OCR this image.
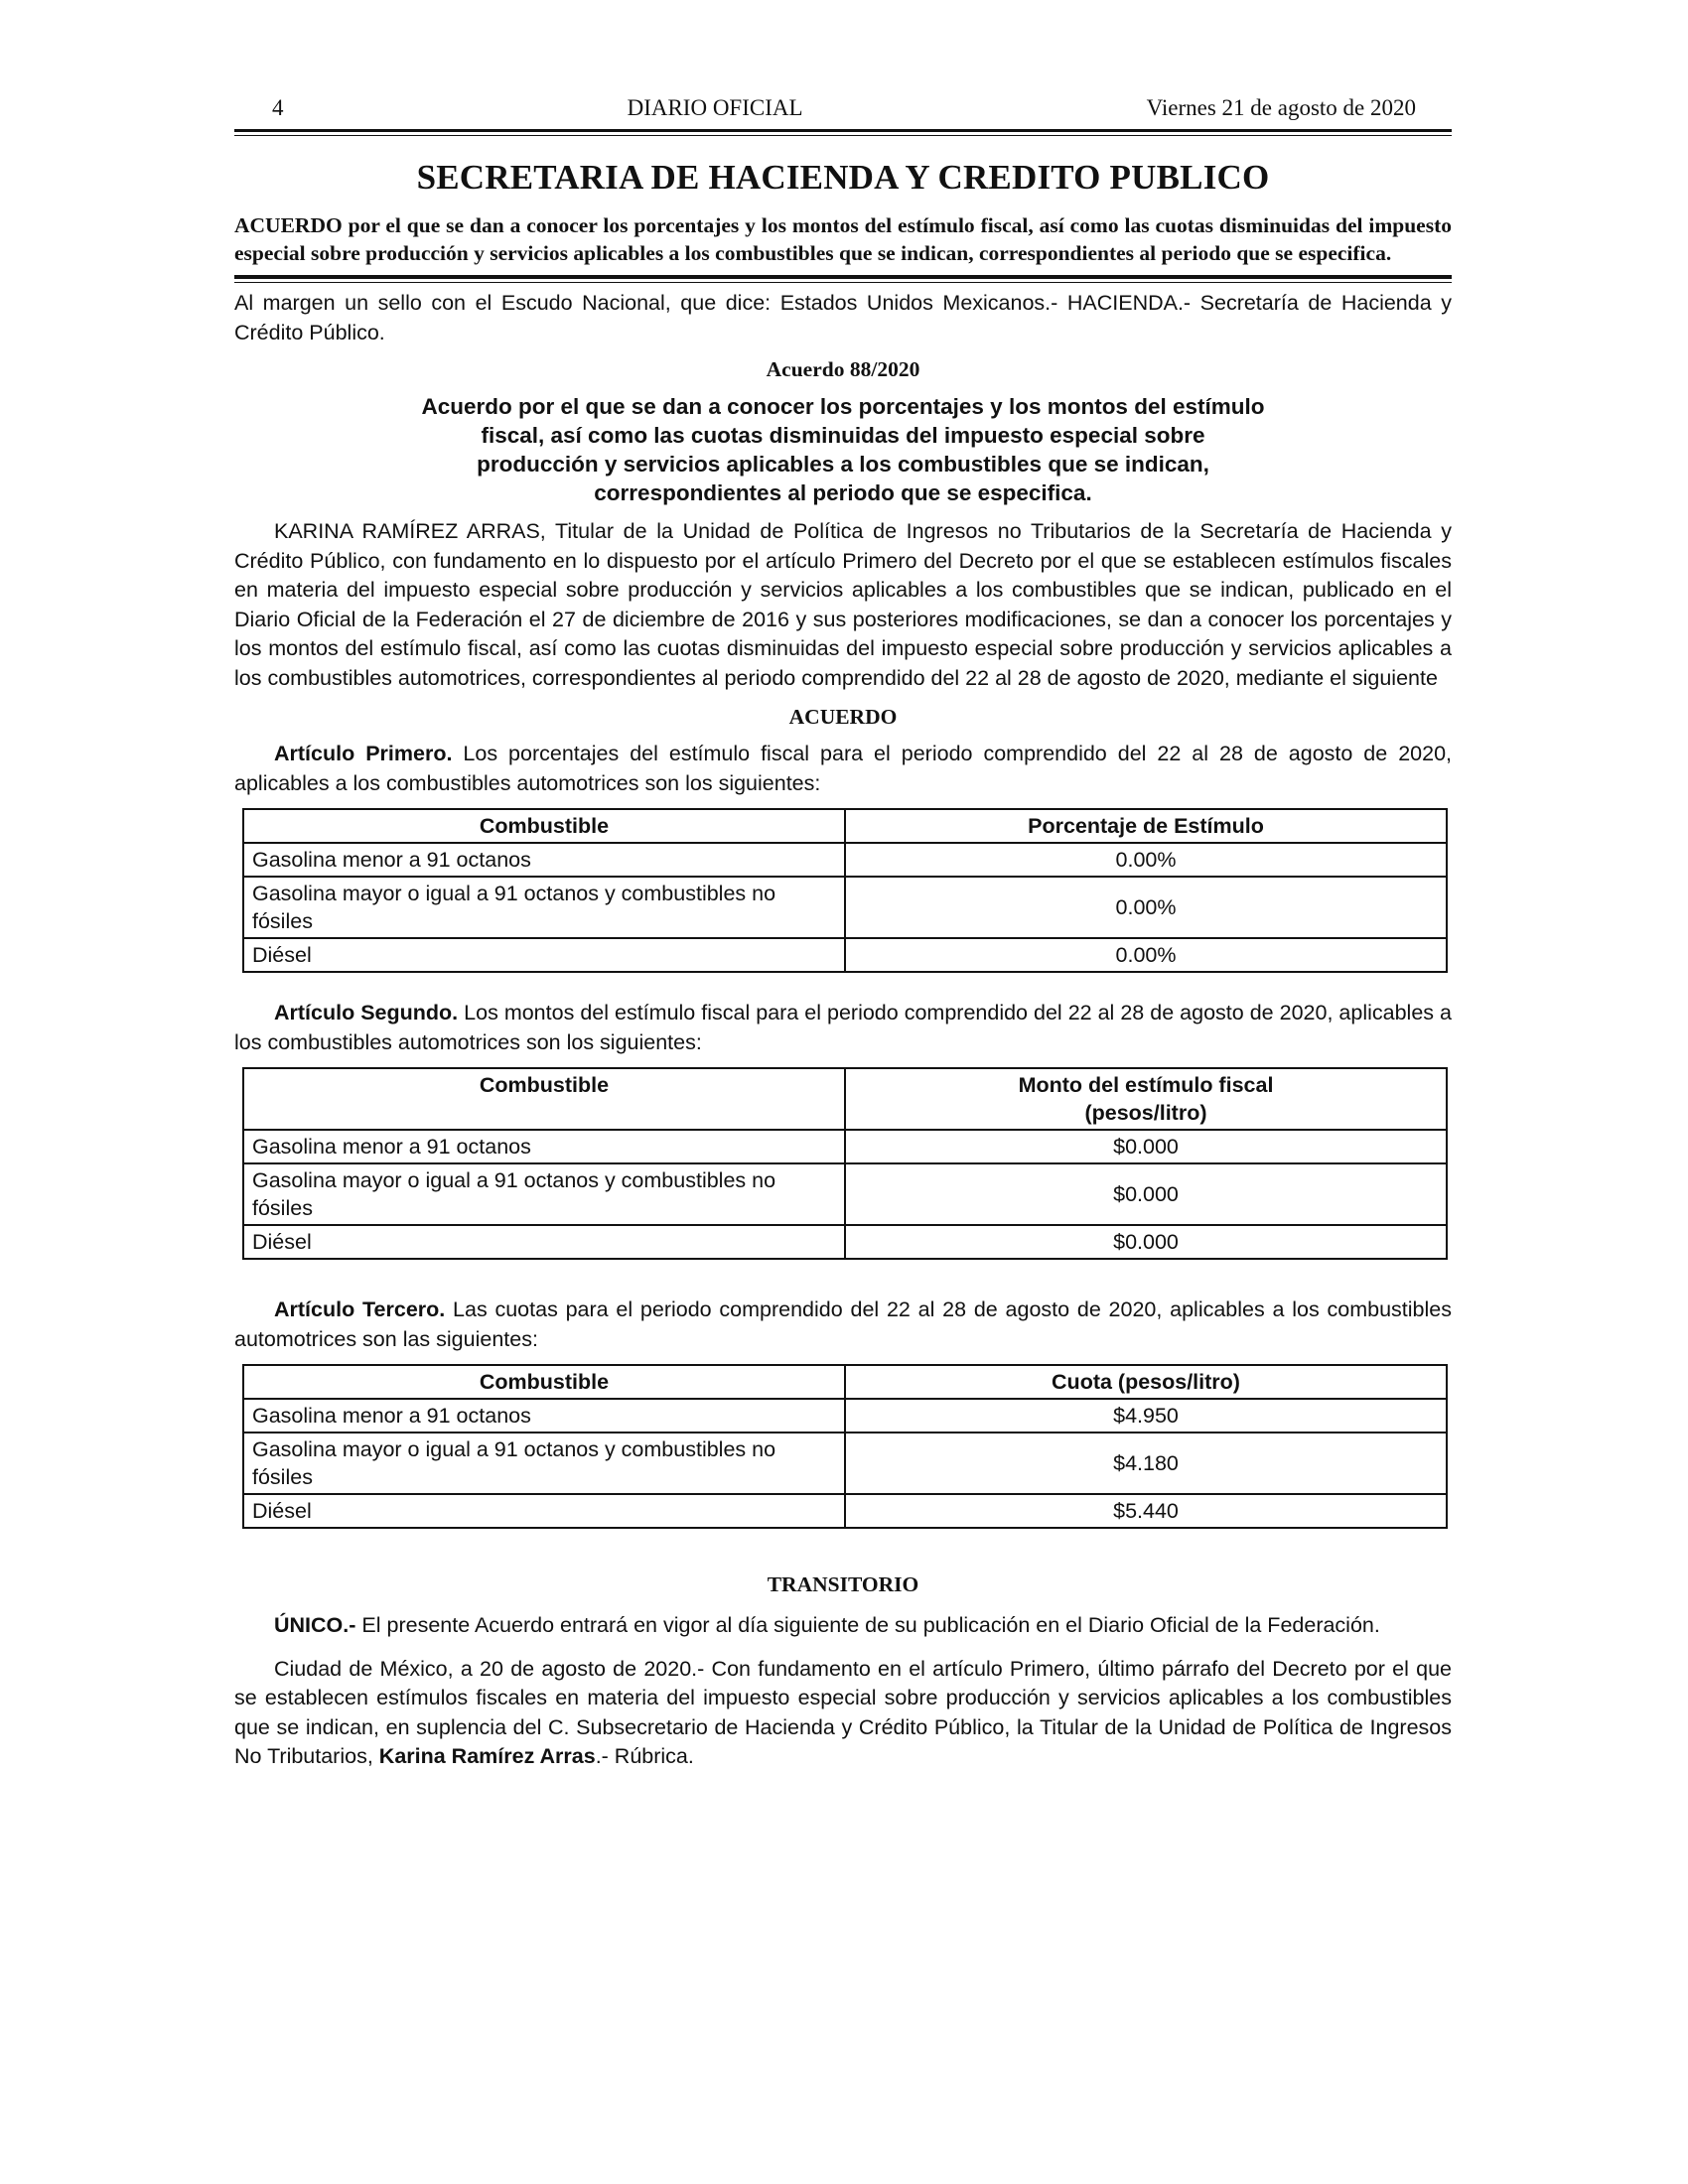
4	DIARIO OFICIAL	Viernes 21 de agosto de 2020
SECRETARIA DE HACIENDA Y CREDITO PUBLICO
ACUERDO por el que se dan a conocer los porcentajes y los montos del estímulo fiscal, así como las cuotas disminuidas del impuesto especial sobre producción y servicios aplicables a los combustibles que se indican, correspondientes al periodo que se especifica.

Al margen un sello con el Escudo Nacional, que dice: Estados Unidos Mexicanos.- HACIENDA.- Secretaría de Hacienda y Crédito Público.

Acuerdo 88/2020

Acuerdo por el que se dan a conocer los porcentajes y los montos del estímulo fiscal, así como las cuotas disminuidas del impuesto especial sobre producción y servicios aplicables a los combustibles que se indican, correspondientes al periodo que se especifica.

KARINA RAMÍREZ ARRAS, Titular de la Unidad de Política de Ingresos no Tributarios de la Secretaría de Hacienda y Crédito Público, con fundamento en lo dispuesto por el artículo Primero del Decreto por el que se establecen estímulos fiscales en materia del impuesto especial sobre producción y servicios aplicables a los combustibles que se indican, publicado en el Diario Oficial de la Federación el 27 de diciembre de 2016 y sus posteriores modificaciones, se dan a conocer los porcentajes y los montos del estímulo fiscal, así como las cuotas disminuidas del impuesto especial sobre producción y servicios aplicables a los combustibles automotrices, correspondientes al periodo comprendido del 22 al 28 de agosto de 2020, mediante el siguiente

ACUERDO

Artículo Primero. Los porcentajes del estímulo fiscal para el periodo comprendido del 22 al 28 de agosto de 2020, aplicables a los combustibles automotrices son los siguientes:

Combustible	Porcentaje de Estímulo
Gasolina menor a 91 octanos	0.00%
Gasolina mayor o igual a 91 octanos y combustibles no fósiles	0.00%
Diésel	0.00%

Artículo Segundo. Los montos del estímulo fiscal para el periodo comprendido del 22 al 28 de agosto de 2020, aplicables a los combustibles automotrices son los siguientes:

Combustible	Monto del estímulo fiscal (pesos/litro)
Gasolina menor a 91 octanos	$0.000
Gasolina mayor o igual a 91 octanos y combustibles no fósiles	$0.000
Diésel	$0.000

Artículo Tercero. Las cuotas para el periodo comprendido del 22 al 28 de agosto de 2020, aplicables a los combustibles automotrices son las siguientes:

Combustible	Cuota (pesos/litro)
Gasolina menor a 91 octanos	$4.950
Gasolina mayor o igual a 91 octanos y combustibles no fósiles	$4.180
Diésel	$5.440

TRANSITORIO

ÚNICO.- El presente Acuerdo entrará en vigor al día siguiente de su publicación en el Diario Oficial de la Federación.

Ciudad de México, a 20 de agosto de 2020.- Con fundamento en el artículo Primero, último párrafo del Decreto por el que se establecen estímulos fiscales en materia del impuesto especial sobre producción y servicios aplicables a los combustibles que se indican, en suplencia del C. Subsecretario de Hacienda y Crédito Público, la Titular de la Unidad de Política de Ingresos No Tributarios, Karina Ramírez Arras.- Rúbrica.
